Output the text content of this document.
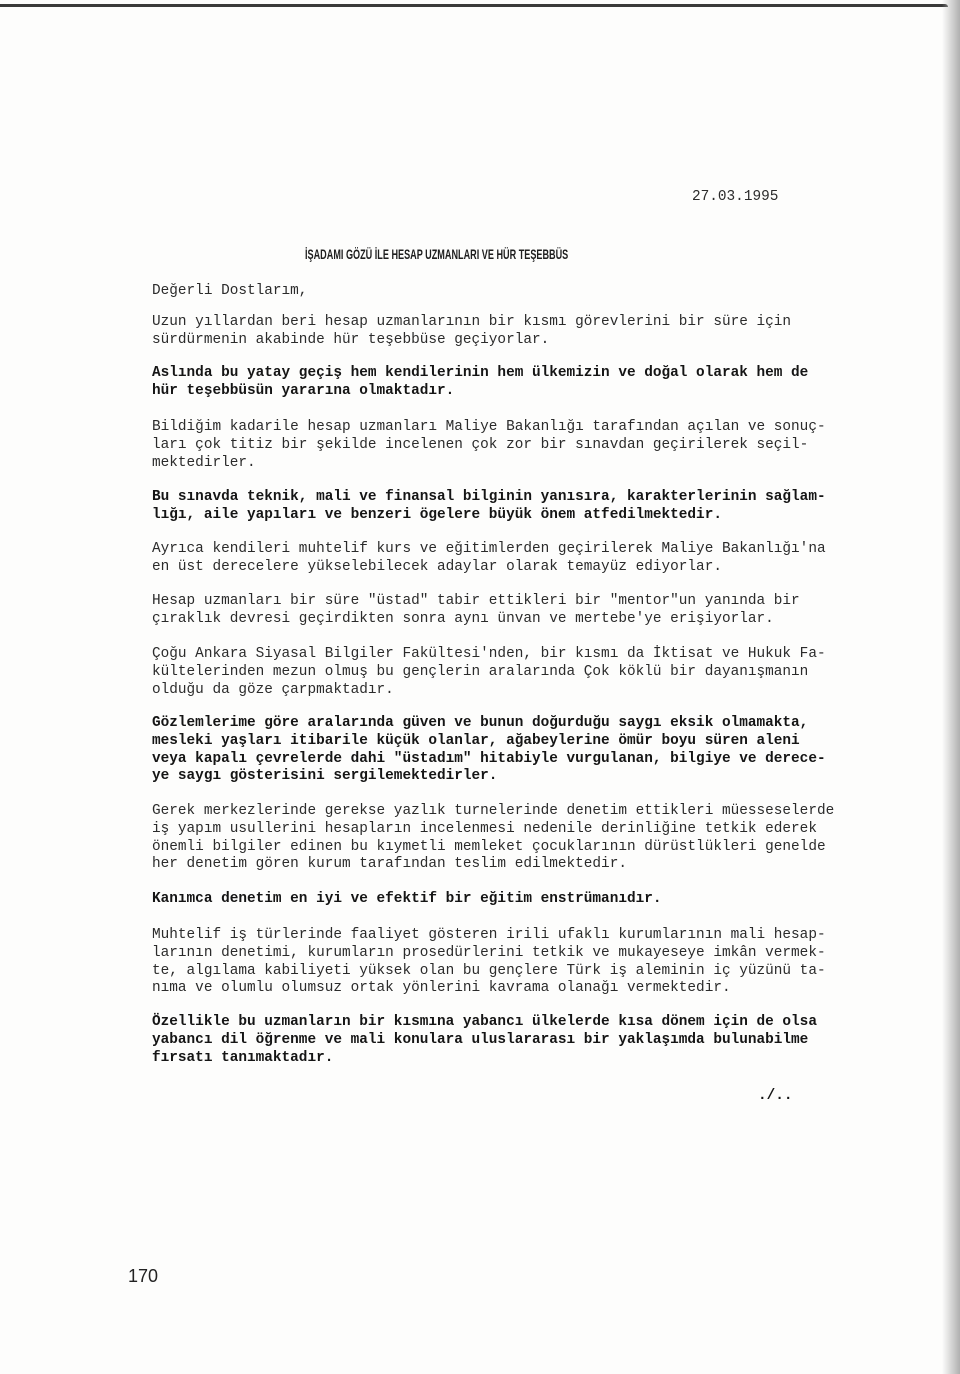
27.03.1995
İŞADAMI GÖZÜ İLE HESAP UZMANLARI VE HÜR TEŞEBBÜS
Değerli Dostlarım,
Uzun yıllardan beri hesap uzmanlarının bir kısmı görevlerini bir süre için
sürdürmenin akabinde hür teşebbüse geçiyorlar.
Aslında bu yatay geçiş hem kendilerinin hem ülkemizin ve doğal olarak hem de
hür teşebbüsün yararına olmaktadır.
Bildiğim kadarile hesap uzmanları Maliye Bakanlığı tarafından açılan ve sonuç-
ları çok titiz bir şekilde incelenen çok zor bir sınavdan geçirilerek seçil-
mektedirler.
Bu sınavda teknik, mali ve finansal bilginin yanısıra, karakterlerinin sağlam-
lığı, aile yapıları ve benzeri ögelere büyük önem atfedilmektedir.
Ayrıca kendileri muhtelif kurs ve eğitimlerden geçirilerek Maliye Bakanlığı'na
en üst derecelere yükselebilecek adaylar olarak temayüz ediyorlar.
Hesap uzmanları bir süre "üstad" tabir ettikleri bir "mentor"un yanında bir
çıraklık devresi geçirdikten sonra aynı ünvan ve mertebe'ye erişiyorlar.
Çoğu Ankara Siyasal Bilgiler Fakültesi'nden, bir kısmı da İktisat ve Hukuk Fa-
kültelerinden mezun olmuş bu gençlerin aralarında Çok köklü bir dayanışmanın
olduğu da göze çarpmaktadır.
Gözlemlerime göre aralarında güven ve bunun doğurduğu saygı eksik olmamakta,
mesleki yaşları itibarile küçük olanlar, ağabeylerine ömür boyu süren aleni
veya kapalı çevrelerde dahi "üstadım" hitabiyle vurgulanan, bilgiye ve derece-
ye saygı gösterisini sergilemektedirler.
Gerek merkezlerinde gerekse yazlık turnelerinde denetim ettikleri müesseselerde
iş yapım usullerini hesapların incelenmesi nedenile derinliğine tetkik ederek
önemli bilgiler edinen bu kıymetli memleket çocuklarının dürüstlükleri genelde
her denetim gören kurum tarafından teslim edilmektedir.
Kanımca denetim en iyi ve efektif bir eğitim enstrümanıdır.
Muhtelif iş türlerinde faaliyet gösteren irili ufaklı kurumlarının mali hesap-
larının denetimi, kurumların prosedürlerini tetkik ve mukayeseye imkân vermek-
te, algılama kabiliyeti yüksek olan bu gençlere Türk iş aleminin iç yüzünü ta-
nıma ve olumlu olumsuz ortak yönlerini kavrama olanağı vermektedir.
Özellikle bu uzmanların bir kısmına yabancı ülkelerde kısa dönem için de olsa
yabancı dil öğrenme ve mali konulara uluslararası bir yaklaşımda bulunabilme
fırsatı tanımaktadır.
./..
170
